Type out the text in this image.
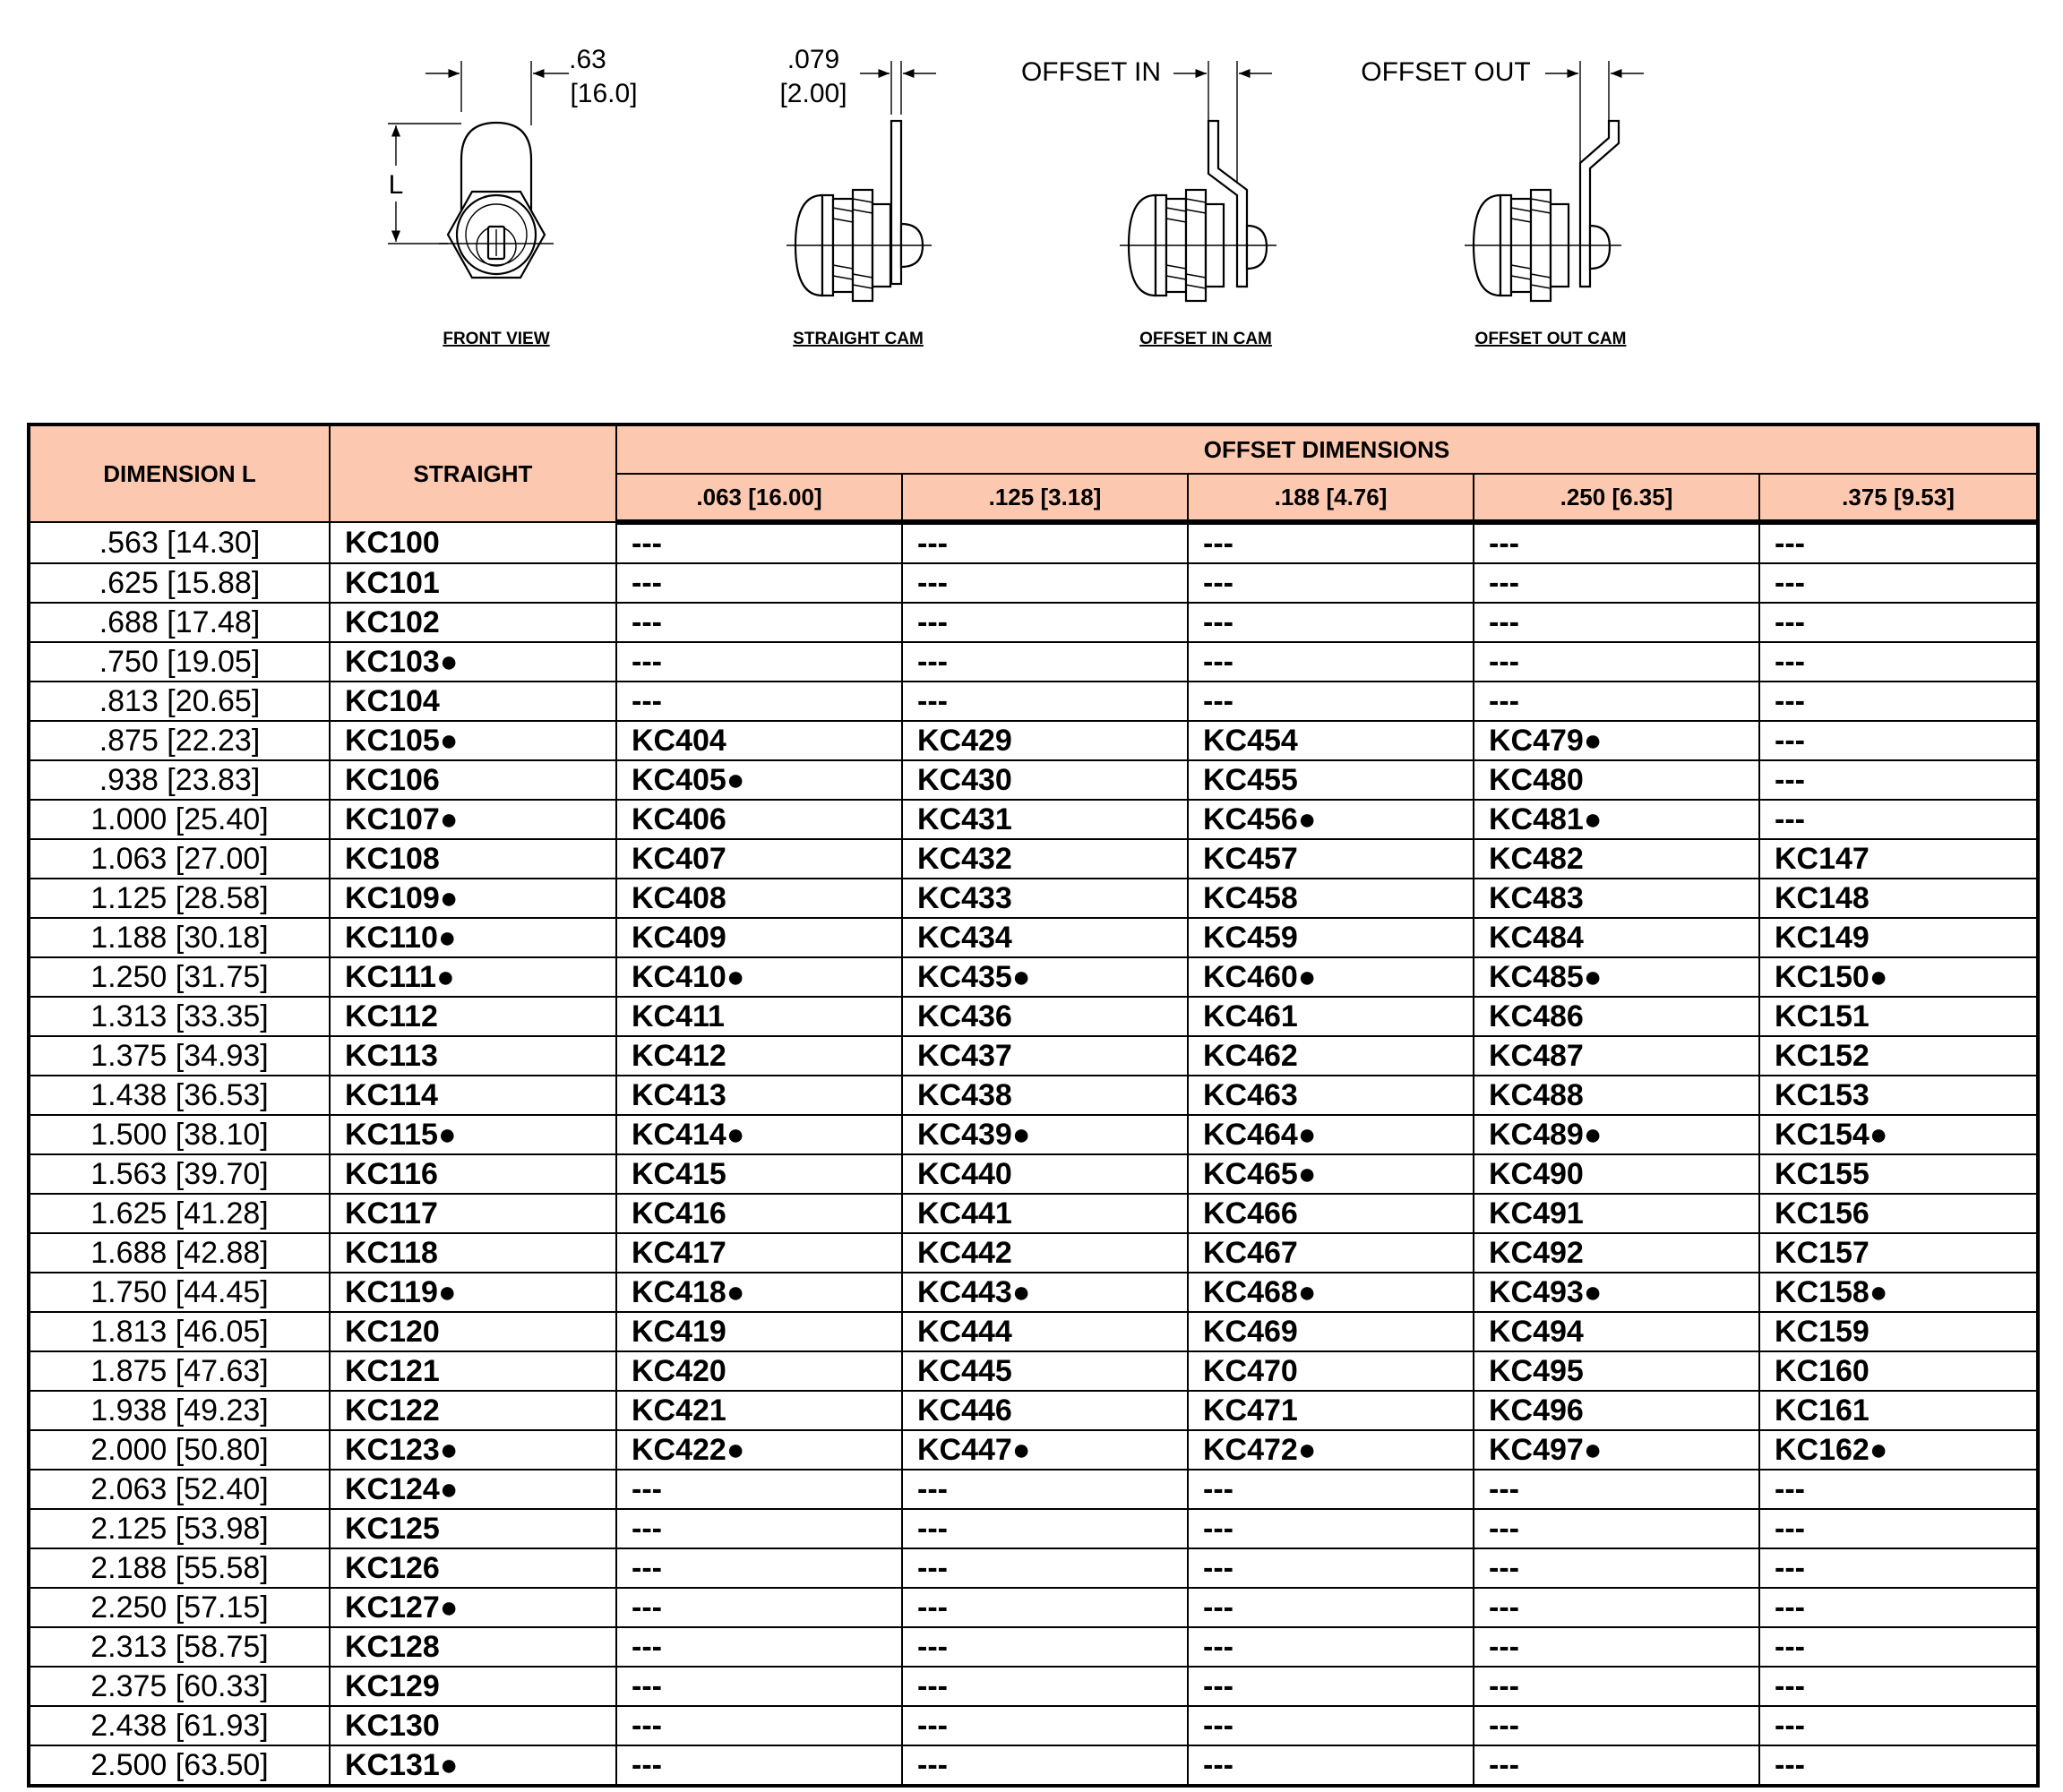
.63
[16.0]
L
FRONT VIEW
.079
[2.00]
STRAIGHT CAM
OFFSET IN
OFFSET IN CAM
OFFSET OUT
OFFSET OUT CAM
DIMENSION L	STRAIGHT	OFFSET DIMENSIONS				
		.063 [16.00]	.125 [3.18]	.188 [4.76]	.250 [6.35]	.375 [9.53]
.563 [14.30]	KC100	---	---	---	---	---
.625 [15.88]	KC101	---	---	---	---	---
.688 [17.48]	KC102	---	---	---	---	---
.750 [19.05]	KC103●	---	---	---	---	---
.813 [20.65]	KC104	---	---	---	---	---
.875 [22.23]	KC105●	KC404	KC429	KC454	KC479●	---
.938 [23.83]	KC106	KC405●	KC430	KC455	KC480	---
1.000 [25.40]	KC107●	KC406	KC431	KC456●	KC481●	---
1.063 [27.00]	KC108	KC407	KC432	KC457	KC482	KC147
1.125 [28.58]	KC109●	KC408	KC433	KC458	KC483	KC148
1.188 [30.18]	KC110●	KC409	KC434	KC459	KC484	KC149
1.250 [31.75]	KC111●	KC410●	KC435●	KC460●	KC485●	KC150●
1.313 [33.35]	KC112	KC411	KC436	KC461	KC486	KC151
1.375 [34.93]	KC113	KC412	KC437	KC462	KC487	KC152
1.438 [36.53]	KC114	KC413	KC438	KC463	KC488	KC153
1.500 [38.10]	KC115●	KC414●	KC439●	KC464●	KC489●	KC154●
1.563 [39.70]	KC116	KC415	KC440	KC465●	KC490	KC155
1.625 [41.28]	KC117	KC416	KC441	KC466	KC491	KC156
1.688 [42.88]	KC118	KC417	KC442	KC467	KC492	KC157
1.750 [44.45]	KC119●	KC418●	KC443●	KC468●	KC493●	KC158●
1.813 [46.05]	KC120	KC419	KC444	KC469	KC494	KC159
1.875 [47.63]	KC121	KC420	KC445	KC470	KC495	KC160
1.938 [49.23]	KC122	KC421	KC446	KC471	KC496	KC161
2.000 [50.80]	KC123●	KC422●	KC447●	KC472●	KC497●	KC162●
2.063 [52.40]	KC124●	---	---	---	---	---
2.125 [53.98]	KC125	---	---	---	---	---
2.188 [55.58]	KC126	---	---	---	---	---
2.250 [57.15]	KC127●	---	---	---	---	---
2.313 [58.75]	KC128	---	---	---	---	---
2.375 [60.33]	KC129	---	---	---	---	---
2.438 [61.93]	KC130	---	---	---	---	---
2.500 [63.50]	KC131●	---	---	---	---	---
